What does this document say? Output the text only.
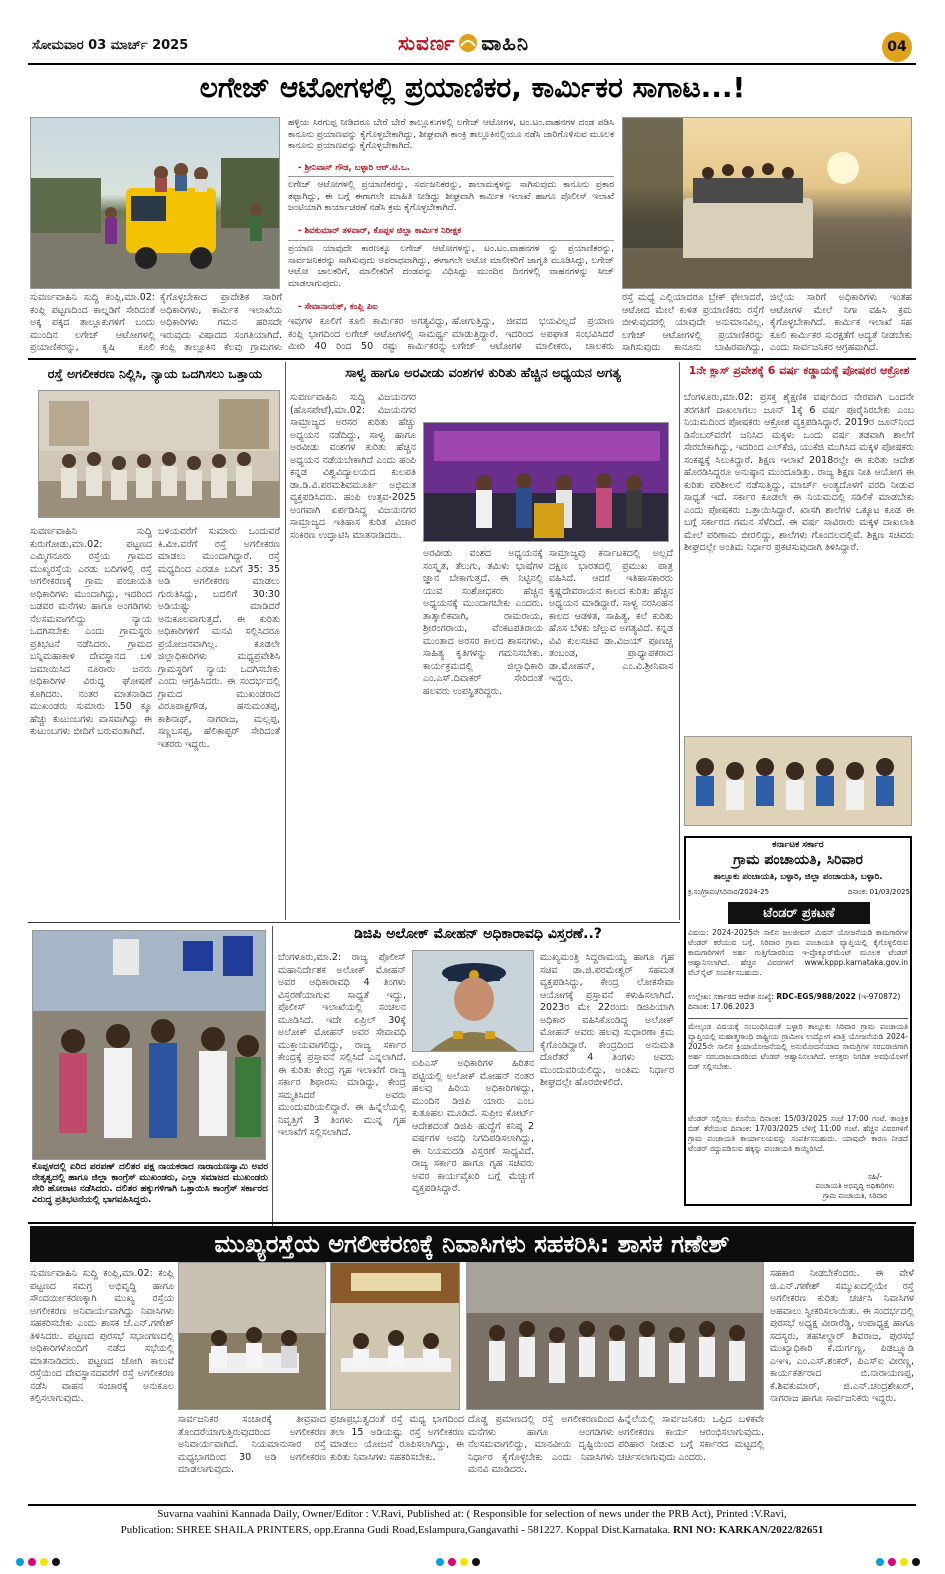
ಸೋಮವಾರ 03 ಮಾರ್ಚ್ 2025	ಸುವರ್ಣ ವಾಹಿನಿ	04
ಲಗೇಜ್ ಆಟೋಗಳಲ್ಲಿ ಪ್ರಯಾಣಿಕರ, ಕಾರ್ಮಿಕರ ಸಾಗಾಟ...!
ಹಳ್ಳಿಯ ಸಿರಗುಪ್ಪ ನೀಡಿದರೂ ಬೇರೆ ಬೇರೆ ತಾಲ್ಲೂಕುಗಳಲ್ಲಿ ಲಗೇಜ್ ಆಟೋಗಳ, ಟಂ.ಟಂ.ವಾಹನಗಳ ದಂಡ ಪಡಿಸಿ ಕಾನೂನು ಪ್ರಯಾಣವನ್ನು ಕೈಗೊಳ್ಳಬೇಕಾಗಿದ್ದು, ಶೀಘ್ರವಾಗಿ ಕಾಂಕ್ರಿ ತಾಲ್ಲೂಕಿನಲ್ಲಿಯೂ ನಡೆಸಿ ಜಾರಿಗೊಳಿಸುವ ಮೂಲಕ ಕಾನೂನು ಪ್ರಯಾಣವನ್ನು ಕೈಗೊಳ್ಳಬೇಕಾಗಿದೆ.
- ಶ್ರೀನಿವಾಸ್ ಗೌಡ, ಬಳ್ಳಾರಿ ಆರ್.ಟಿ.ಒ.
ಲಗೇಜ್ ಆಟೋಗಳಲ್ಲಿ ಪ್ರಯಾಣಿಕರನ್ನು, ಸರ್ವಜನಿಕರನ್ನು, ಶಾಲಾಮಕ್ಕಳನ್ನು ಸಾಗಿಸುವುದು ಕಾನೂನು ಪ್ರಕಾರ ತಪ್ಪಾಗಿದ್ದು, ಈ ಬಗ್ಗೆ ಈಗಾಗಲೇ ಮಾಹಿತಿ ನೀಡಿದ್ದು ಶೀಘ್ರವಾಗಿ ಕಾರ್ಮಿಕ ಇಲಾಖೆ ಹಾಗೂ ಪೊಲೀಸ್ ಇಲಾಖೆ ಜಂಟಿಯಾಗಿ ಕಾರ್ಯಾಚರಣೆ ನಡೆಸಿ ಕ್ರಮ ಕೈಗೊಳ್ಳಬೇಕಾಗಿದೆ.
- ಶಿವಕುಮಾರ್ ತಳವಾರ್, ಕೊಪ್ಪಳ ಜಿಲ್ಲಾ ಕಾರ್ಮಿಕ ನಿರೀಕ್ಷಕ
ಪ್ರಯಾಣ ಯಾವುದೇ ಕಾರಣಕ್ಕೂ ಲಗೇಜ್ ಆಟೋಗಳನ್ನು, ಟಂ.ಟಂ.ವಾಹನಗಳ ನ್ನು ಪ್ರಯಾಣಿಕರನ್ನು, ಸಾರ್ವಜನಿಕರನ್ನು ಸಾಗಿಸುವುದು ಅಪರಾಧವಾಗಿದ್ದು, ಈಗಾಗಲೇ ಅಟೋ ಮಾಲೀಕರಿಗೆ ಜಾಗೃತಿ ಮೂಡಿಸಿದ್ದು, ಲಗೇಜ್ ಆಟೋ ಚಾಲಕರಿಗೆ, ಮಾಲೀಕರಿಗೆ ದಂಡವನ್ನು ವಿಧಿಸಿದ್ದು ಮುಂದಿನ ದಿನಗಳಲ್ಲಿ ವಾಹನಗಳನ್ನು ಸೀಜ್ ಮಾಡಲಾಗುವುದು.
- ಸೇವಾನಾಯಕ್, ಕಂಪ್ಲಿ ಪಿಐ
ಸುವರ್ಣವಾಹಿನಿ ಸುದ್ದಿ ಕಂಪ್ಲಿ,ಮಾ.02: ಕಂಪ್ಲಿ ಪಟ್ಟಣದಿಂದ ಕಾಲ್ನಡಿಗೆ ಸೇರಿದಂತೆ ಅಕ್ಕ ಪಕ್ಕದ ತಾಲ್ಲೂಕುಗಳಿಗೆ ಬಂದು ಮುಂದಿನ ಲಗೇಜ್ ಆಟೋಗಳಲ್ಲಿ ಪ್ರಯಾಣಿಕರನ್ನು, ಕೃಷಿ ಕೂಲಿ
ಕೈಗೊಳ್ಳಬೇಕಾದ ಪ್ರಾದೇಶಿಕ ಸಾರಿಗೆ ಅಧಿಕಾರಿಗಳು, ಕಾರ್ಮಿಕ ಇಲಾಖೆಯ ಅಧಿಕಾರಿಗಳು ಗಮನ ಹರಿಸದೇ ಇರುವುದು ವಿಷಾದದ ಸಂಗತಿಯಾಗಿದೆ. ಕಂಪ್ಲಿ ತಾಲ್ಲೂಕಿನ ಕೆಲವು ಗ್ರಾಮಗಳು
ಇವುಗಳ ಕೂಲಿಗೆ ಕೂಲಿ ಕಾರ್ಮಿಕರ ಅಗತ್ಯವಿದ್ದು, ಕಂಪ್ಲಿ ಭಾಗದಿಂದ ಲಗೇಜ್ ಆಟೋಗಳಲ್ಲಿ ಸಾಮರ್ಥ್ಯ ಮೀರಿ 40 ರಿಂದ 50 ರಷ್ಟು ಕಾರ್ಮಿಕರನ್ನು
ಹೋಗುತ್ತಿದ್ದು, ಜೀವದ ಭಯವಿಲ್ಲದೆ ಪ್ರಯಾಣ ಮಾಡುತ್ತಿದ್ದಾರೆ. ಇದರಿಂದ ಅಪಘಾತ ಸಂಭವಿಸಿದರೆ ಲಗೇಜ್ ಆಟೋಗಳ ಮಾಲೀಕರು, ಚಾಲಕರು
ರಸ್ತೆ ಮಧ್ಯೆ ಎಲ್ಲಿಯಾದರೂ ಬ್ರೇಕ್ ಫೇಲಾದರೆ, ಆಟೋದ ಮೇಲೆ ಕುಳಿತ ಪ್ರಯಾಣಿಕರು ರಸ್ತೆಗೆ ಬೀಳುವುದರಲ್ಲಿ ಯಾವುದೇ ಅನುಮಾನವಿಲ್ಲ. ಲಗೇಜ್ ಆಟೋಗಳಲ್ಲಿ ಪ್ರಯಾಣಿಕರನ್ನು ಸಾಗಿಸುವುದು ಕಾನೂನು ಬಾಹಿರವಾಗಿದ್ದು,
ಜಿಲ್ಲೆಯ ಸಾರಿಗೆ ಅಧಿಕಾರಿಗಳು ಇಂತಹ ಆಟೋಗಳ ಮೇಲೆ ನಿಗಾ ವಹಿಸಿ ಕ್ರಮ ಕೈಗೊಳ್ಳಬೇಕಾಗಿದೆ. ಕಾರ್ಮಿಕ ಇಲಾಖೆ ಸಹ ಕೂಲಿ ಕಾರ್ಮಿಕರ ಸುರಕ್ಷತೆಗೆ ಆದ್ಯತೆ ನೀಡಬೇಕು ಎಂದು ಸಾರ್ವಜನಿಕರ ಆಗ್ರಹವಾಗಿದೆ.
ರಸ್ತೆ ಅಗಲೀಕರಣ ನಿಲ್ಲಿಸಿ, ನ್ಯಾಯ ಒದಗಿಸಲು ಒತ್ತಾಯ
ಸುವರ್ಣವಾಹಿನಿ ಸುದ್ದಿ ಕುರುಗೋಡು,ಮಾ.02: ಪಟ್ಟಣದ ಎಮ್ಮಿಗನೂರು ರಸ್ತೆಯ ಗ್ರಾಮದ ಮುಖ್ಯರಸ್ತೆಯ ಎರಡು ಬದಿಗಳಲ್ಲಿ ರಸ್ತೆ ಅಗಲೀಕರಣಕ್ಕೆ ಗ್ರಾಮ ಪಂಚಾಯತಿ ಅಧಿಕಾರಿಗಳು ಮುಂದಾಗಿದ್ದು, ಇದರಿಂದ ಬಡವರ ಮನೆಗಳು ಹಾಗೂ ಅಂಗಡಿಗಳು ನೆಲಸಮವಾಗಲಿದ್ದು ನ್ಯಾಯ ಒದಗಿಸಬೇಕು ಎಂದು ಗ್ರಾಮಸ್ಥರು ಪ್ರತಿಭಟನೆ ನಡೆಸಿದರು. ಗ್ರಾಮದ ಬನ್ನಿಮಹಾಕಾಳಿ ದೇವಸ್ಥಾನದ ಬಳಿ ಜಮಾಯಿಸಿದ ನೂರಾರು ಜನರು ಅಧಿಕಾರಿಗಳ ವಿರುದ್ಧ ಘೋಷಣೆ ಕೂಗಿದರು. ನಂತರ ಮಾತನಾಡಿದ ಮುಖಂಡರು ಸುಮಾರು 150 ಕ್ಕೂ ಹೆಚ್ಚು ಕುಟುಂಬಗಳು ವಾಸವಾಗಿದ್ದು ಈ ಕುಟುಂಬಗಳು ಬೀದಿಗೆ ಬರುವಂತಾಗಿದೆ.
ಬಳಿಯವರೆಗೆ ಸುಮಾರು ಒಂದುವರೆ ಕಿ.ಮೀ.ವರೆಗೆ ರಸ್ತೆ ಅಗಲೀಕರಣ ಮಾಡಲು ಮುಂದಾಗಿದ್ದಾರೆ. ರಸ್ತೆ ಮಧ್ಯದಿಂದ ಎರಡೂ ಬದಿಗೆ 35: 35 ಅಡಿ ಅಗಲೀಕರಣ ಮಾಡಲು ಗುರುತಿಸಿದ್ದು, ಬದಲಿಗೆ 30:30 ಅಡಿಯಷ್ಟು ಮಾಡಿದರೆ ಅನುಕೂಲವಾಗುತ್ತದೆ. ಈ ಕುರಿತು ಅಧಿಕಾರಿಗಳಿಗೆ ಮನವಿ ಸಲ್ಲಿಸಿದರೂ ಪ್ರಯೋಜನವಾಗಿಲ್ಲ. ಕೂಡಲೇ ಜಿಲ್ಲಾಧಿಕಾರಿಗಳು ಮಧ್ಯಪ್ರವೇಶಿಸಿ ಗ್ರಾಮಸ್ಥರಿಗೆ ನ್ಯಾಯ ಒದಗಿಸಬೇಕು ಎಂದು ಆಗ್ರಹಿಸಿದರು. ಈ ಸಂದರ್ಭದಲ್ಲಿ ಗ್ರಾಮದ ಮುಖಂಡರಾದ ವಿರೂಪಾಕ್ಷಗೌಡ, ಹನುಮಂತಪ್ಪ, ಕಾಶಿನಾಥ್, ನಾಗರಾಜ, ಮಲ್ಲಪ್ಪ, ಸಣ್ಣಬಸಪ್ಪ, ಹೆಲಿಕಾಪ್ಟರ್ ಸೇರಿದಂತೆ ಇತರರು ಇದ್ದರು.
ಸಾಳ್ವ ಹಾಗೂ ಅರವೀಡು ವಂಶಗಳ ಕುರಿತು ಹೆಚ್ಚಿನ ಅಧ್ಯಯನ ಅಗತ್ಯ
ಸುವರ್ಣವಾಹಿನಿ ಸುದ್ದಿ ವಿಜಯನಗರ (ಹೊಸಪೇಟೆ),ಮಾ.02: ವಿಜಯನಗರ ಸಾಮ್ರಾಜ್ಯದ ಅರಸರ ಕುರಿತು ಹೆಚ್ಚು ಅಧ್ಯಯನ ನಡೆದಿದ್ದು, ಸಾಳ್ವ ಹಾಗೂ ಅರವೀಡು ವಂಶಗಳ ಕುರಿತು ಹೆಚ್ಚಿನ ಅಧ್ಯಯನ ನಡೆಯಬೇಕಾಗಿದೆ ಎಂದು ಹಂಪಿ ಕನ್ನಡ ವಿಶ್ವವಿದ್ಯಾಲಯದ ಕುಲಪತಿ ಡಾ.ಡಿ.ವಿ.ಪರಮಶಿವಮೂರ್ತಿ ಅಭಿಮತ ವ್ಯಕ್ತಪಡಿಸಿದರು. ಹಂಪಿ ಉತ್ಸವ-2025 ಅಂಗವಾಗಿ ಏರ್ಪಡಿಸಿದ್ದ ವಿಜಯನಗರ ಸಾಮ್ರಾಜ್ಯದ ಇತಿಹಾಸ ಕುರಿತ ವಿಚಾರ ಸಂಕಿರಣ ಉದ್ಘಾಟಿಸಿ ಮಾತನಾಡಿದರು.
ಅರವೀಡು ವಂಶದ ಅಧ್ಯಯನಕ್ಕೆ ಸಂಸ್ಕೃತ, ತೆಲುಗು, ತಮಿಳು ಭಾಷೆಗಳ ಜ್ಞಾನ ಬೇಕಾಗುತ್ತದೆ. ಈ ನಿಟ್ಟಿನಲ್ಲಿ ಯುವ ಸಂಶೋಧಕರು ಹೆಚ್ಚಿನ ಅಧ್ಯಯನಕ್ಕೆ ಮುಂದಾಗಬೇಕು ಎಂದರು. ತಾತ್ಕಾಲಿಕವಾಗಿ, ರಾಮರಾಯ, ಶ್ರೀರಂಗರಾಯ, ವೆಂಕಟಪತಿರಾಯ ಮುಂತಾದ ಅರಸರ ಕಾಲದ ಶಾಸನಗಳು, ಸಾಹಿತ್ಯ ಕೃತಿಗಳನ್ನು ಗಮನಿಸಬೇಕು. ಕಾರ್ಯಕ್ರಮದಲ್ಲಿ ಜಿಲ್ಲಾಧಿಕಾರಿ ಎಂ.ಎಸ್.ದಿವಾಕರ್ ಸೇರಿದಂತೆ ಹಲವರು ಉಪಸ್ಥಿತರಿದ್ದರು.
ಸಾಮ್ರಾಜ್ಯವು ಕರ್ನಾಟಕದಲ್ಲಿ ಅಲ್ಲದೆ ದಕ್ಷಿಣ ಭಾರತದಲ್ಲಿ ಪ್ರಮುಖ ಪಾತ್ರ ವಹಿಸಿದೆ. ಆದರೆ ಇತಿಹಾಸಕಾರರು ಕೃಷ್ಣದೇವರಾಯನ ಕಾಲದ ಕುರಿತು ಹೆಚ್ಚಿನ ಅಧ್ಯಯನ ಮಾಡಿದ್ದಾರೆ. ಸಾಳ್ವ ನರಸಿಂಹನ ಕಾಲದ ಆಡಳಿತ, ಸಾಹಿತ್ಯ, ಕಲೆ ಕುರಿತು ಹೊಸ ಬೆಳಕು ಚೆಲ್ಲುವ ಅಗತ್ಯವಿದೆ. ಕನ್ನಡ ವಿವಿ ಕುಲಸಚಿವ ಡಾ.ವಿಜಯ್ ಪೂಣಚ್ಚ ತಂಬಂಡ, ಪ್ರಾಧ್ಯಾಪಕರಾದ ಡಾ.ಮೋಹನ್, ಎಂ.ವಿ.ಶ್ರೀನಿವಾಸ ಇದ್ದರು.
1ನೇ ಕ್ಲಾಸ್ ಪ್ರವೇಶಕ್ಕೆ 6 ವರ್ಷ ಕಡ್ಡಾಯಕ್ಕೆ ಪೋಷಕರ ಆಕ್ರೋಶ
ಬೆಂಗಳೂರು,ಮಾ.02: ಪ್ರಸಕ್ತ ಶೈಕ್ಷಣಿಕ ವರ್ಷದಿಂದ ನೇರವಾಗಿ ಒಂದನೇ ತರಗತಿಗೆ ದಾಖಲಾಗಲು ಜೂನ್ 1ಕ್ಕೆ 6 ವರ್ಷ ಪೂರೈಸಿರಬೇಕು ಎಂಬ ನಿಯಮದಿಂದ ಪೋಷಕರು ಆಕ್ರೋಶ ವ್ಯಕ್ತಪಡಿಸಿದ್ದಾರೆ. 2019ರ ಜೂನ್‌ನಿಂದ ಡಿಸೆಂಬರ್‌ವರೆಗೆ ಜನಿಸಿದ ಮಕ್ಕಳು ಒಂದು ವರ್ಷ ತಡವಾಗಿ ಶಾಲೆಗೆ ಸೇರಬೇಕಾಗಿದ್ದು, ಇದರಿಂದ ಎಲ್‌ಕೆಜಿ, ಯುಕೆಜಿ ಮುಗಿಸಿದ ಮಕ್ಕಳ ಪೋಷಕರು ಸಂಕಷ್ಟಕ್ಕೆ ಸಿಲುಕಿದ್ದಾರೆ. ಶಿಕ್ಷಣ ಇಲಾಖೆ 2018ರಲ್ಲೇ ಈ ಕುರಿತು ಆದೇಶ ಹೊರಡಿಸಿದ್ದರೂ ಅನುಷ್ಠಾನ ಮುಂದೂಡಿತ್ತು. ರಾಜ್ಯ ಶಿಕ್ಷಣ ನೀತಿ ಆಯೋಗ ಈ ಕುರಿತು ಪರಿಶೀಲನೆ ನಡೆಸುತ್ತಿದ್ದು, ಮಾರ್ಚ್ ಅಂತ್ಯದೊಳಗೆ ವರದಿ ನೀಡುವ ಸಾಧ್ಯತೆ ಇದೆ. ಸರ್ಕಾರ ಕೂಡಲೇ ಈ ನಿಯಮದಲ್ಲಿ ಸಡಿಲಿಕೆ ಮಾಡಬೇಕು ಎಂದು ಪೋಷಕರು ಒತ್ತಾಯಿಸಿದ್ದಾರೆ. ಖಾಸಗಿ ಶಾಲೆಗಳ ಒಕ್ಕೂಟ ಕೂಡ ಈ ಬಗ್ಗೆ ಸರ್ಕಾರದ ಗಮನ ಸೆಳೆದಿದೆ. ಈ ವರ್ಷ ಸಾವಿರಾರು ಮಕ್ಕಳ ದಾಖಲಾತಿ ಮೇಲೆ ಪರಿಣಾಮ ಬೀರಲಿದ್ದು, ಶಾಲೆಗಳು ಗೊಂದಲದಲ್ಲಿವೆ. ಶಿಕ್ಷಣ ಸಚಿವರು ಶೀಘ್ರದಲ್ಲೇ ಅಂತಿಮ ನಿರ್ಧಾರ ಪ್ರಕಟಿಸುವುದಾಗಿ ತಿಳಿಸಿದ್ದಾರೆ.
ಕರ್ನಾಟಕ ಸರ್ಕಾರ
ಗ್ರಾಮ ಪಂಚಾಯತಿ, ಸಿರಿವಾರ
ತಾಲ್ಲೂಕು ಪಂಚಾಯತಿ, ಬಳ್ಳಾರಿ, ಜಿಲ್ಲಾ ಪಂಚಾಯತಿ, ಬಳ್ಳಾರಿ.
ಕ್ರ.ಸಂ/ಗ್ರಾಪಂ/ಸಿರಿವಾರ/2024-25	ದಿನಾಂಕ: 01/03/2025
ಟೆಂಡರ್ ಪ್ರಕಟಣೆ
ವಿಷಯ: 2024-2025ನೇ ಸಾಲಿನ ಜಲಜೀವನ್ ಮಿಷನ್ ಯೋಜನೆಯಡಿ ಕಾಮಗಾರಿಗಳ ಟೆಂಡರ್ ಕರೆಯುವ ಬಗ್ಗೆ. ಸಿರಿವಾರ ಗ್ರಾಮ ಪಂಚಾಯತಿ ವ್ಯಾಪ್ತಿಯಲ್ಲಿ ಕೈಗೊಳ್ಳಲಿರುವ ಕಾಮಗಾರಿಗಳಿಗೆ ಅರ್ಹ ಗುತ್ತಿಗೆದಾರರಿಂದ ಇ-ಪ್ರೊಕ್ಯೂರ್‌ಮೆಂಟ್ ಮೂಲಕ ಟೆಂಡರ್ ಆಹ್ವಾನಿಸಲಾಗಿದೆ. ಹೆಚ್ಚಿನ ವಿವರಗಳಿಗೆ www.kppp.karnataka.gov.in ವೆಬ್‌ಸೈಟ್ ಸಂಪರ್ಕಿಸಬಹುದು.
ಉಲ್ಲೇಖ: ಸರ್ಕಾರದ ಆದೇಶ ಸಂಖ್ಯೆ: RDC-EGS/988/2022 (ಇ-970872) ದಿನಾಂಕ: 17.06.2023
ಮೇಲ್ಕಂಡ ವಿಷಯಕ್ಕೆ ಸಂಬಂಧಿಸಿದಂತೆ ಬಳ್ಳಾರಿ ತಾಲ್ಲೂಕು ಸಿರಿವಾರ ಗ್ರಾಮ ಪಂಚಾಯತಿ ವ್ಯಾಪ್ತಿಯಲ್ಲಿ ಮಹಾತ್ಮಗಾಂಧಿ ರಾಷ್ಟ್ರೀಯ ಗ್ರಾಮೀಣ ಉದ್ಯೋಗ ಖಾತ್ರಿ ಯೋಜನೆಯಡಿ 2024-2025ನೇ ಸಾಲಿನ ಕ್ರಿಯಾಯೋಜನೆಯಲ್ಲಿ ಅನುಮೋದನೆಯಾದ ಸಾಮಗ್ರಿಗಳ ಸರಬರಾಜಿಗಾಗಿ ಅರ್ಹ ಸರಬರಾಜುದಾರರಿಂದ ಟೆಂಡರ್ ಆಹ್ವಾನಿಸಲಾಗಿದೆ. ಆಸಕ್ತರು ನಿಗದಿತ ಅವಧಿಯೊಳಗೆ ಬಿಡ್ ಸಲ್ಲಿಸಬೇಕು.
ಟೆಂಡರ್ ಸಲ್ಲಿಸಲು ಕೊನೆಯ ದಿನಾಂಕ: 15/03/2025 ಸಂಜೆ 17:00 ಗಂಟೆ. ತಾಂತ್ರಿಕ ಬಿಡ್ ತೆರೆಯುವ ದಿನಾಂಕ: 17/03/2025 ಬೆಳಿಗ್ಗೆ 11:00 ಗಂಟೆ. ಹೆಚ್ಚಿನ ವಿವರಗಳಿಗೆ ಗ್ರಾಮ ಪಂಚಾಯತಿ ಕಾರ್ಯಾಲಯವನ್ನು ಸಂಪರ್ಕಿಸಬಹುದು. ಯಾವುದೇ ಕಾರಣ ನೀಡದೆ ಟೆಂಡರ್ ರದ್ದುಪಡಿಸುವ ಹಕ್ಕನ್ನು ಪಂಚಾಯತಿ ಕಾಯ್ದಿರಿಸಿದೆ.
ಸಹಿ/-
ಪಂಚಾಯತಿ ಅಭಿವೃದ್ಧಿ ಅಧಿಕಾರಿಗಳು
ಗ್ರಾಮ ಪಂಚಾಯತಿ, ಸಿರಿವಾರ
ಕೊಪ್ಪಳದಲ್ಲಿ ಏರಿದ ಪರಪಣ್ ದಲಿತರ ಪಕ್ಷ ನಾಯಕರಾದ ನಾರಾಯಣಸ್ವಾಮಿ ಅವರ ನೇತೃತ್ವದಲ್ಲಿ ಹಾಗೂ ಜಿಲ್ಲಾ ಕಾಂಗ್ರೆಸ್ ಮುಖಂಡರು, ಎಲ್ಲಾ ಸಮಾಜದ ಮುಖಂಡರು ಸೇರಿ ಹೋರಾಟ ನಡೆಸಿದರು. ದಲಿತರ ಹಕ್ಕುಗಳಿಗಾಗಿ ಒತ್ತಾಯಿಸಿ ಕಾಂಗ್ರೆಸ್ ಸರ್ಕಾರದ ವಿರುದ್ಧ ಪ್ರತಿಭಟನೆಯಲ್ಲಿ ಭಾಗವಹಿಸಿದ್ದರು.
ಡಿಜಿಪಿ ಅಲೋಕ್ ಮೋಹನ್ ಅಧಿಕಾರಾವಧಿ ವಿಸ್ತರಣೆ..?
ಬೆಂಗಳೂರು,ಮಾ.2: ರಾಜ್ಯ ಪೊಲೀಸ್ ಮಹಾನಿರ್ದೇಶಕ ಅಲೋಕ್ ಮೋಹನ್ ಅವರ ಅಧಿಕಾರಾವಧಿ 4 ತಿಂಗಳು ವಿಸ್ತರಣೆಯಾಗುವ ಸಾಧ್ಯತೆ ಇದ್ದು, ಪೊಲೀಸ್ ಇಲಾಖೆಯಲ್ಲಿ ಸಂಚಲನ ಮೂಡಿಸಿದೆ. ಇದೇ ಏಪ್ರಿಲ್ 30ಕ್ಕೆ ಅಲೋಕ್ ಮೋಹನ್ ಅವರ ಸೇವಾವಧಿ ಮುಕ್ತಾಯವಾಗಲಿದ್ದು, ರಾಜ್ಯ ಸರ್ಕಾರ ಕೇಂದ್ರಕ್ಕೆ ಪ್ರಸ್ತಾವನೆ ಸಲ್ಲಿಸಿದೆ ಎನ್ನಲಾಗಿದೆ. ಈ ಕುರಿತು ಕೇಂದ್ರ ಗೃಹ ಇಲಾಖೆಗೆ ರಾಜ್ಯ ಸರ್ಕಾರ ಶಿಫಾರಸು ಮಾಡಿದ್ದು, ಕೇಂದ್ರ ಸಮ್ಮತಿಸಿದರೆ ಅವರು ಮುಂದುವರಿಯಲಿದ್ದಾರೆ. ಈ ಹಿನ್ನೆಲೆಯಲ್ಲಿ ನಿವೃತ್ತಿಗೆ 3 ತಿಂಗಳು ಮುನ್ನ ಗೃಹ ಇಲಾಖೆಗೆ ಸಲ್ಲಿಸಲಾಗಿದೆ.
ಐಪಿಎಸ್ ಅಧಿಕಾರಿಗಳ ಹಿರಿತನ ಪಟ್ಟಿಯಲ್ಲಿ ಅಲೋಕ್ ಮೋಹನ್ ನಂತರ ಹಲವು ಹಿರಿಯ ಅಧಿಕಾರಿಗಳಿದ್ದು, ಮುಂದಿನ ಡಿಜಿಪಿ ಯಾರು ಎಂಬ ಕುತೂಹಲ ಮೂಡಿದೆ. ಸುಪ್ರೀಂ ಕೋರ್ಟ್ ಆದೇಶದಂತೆ ಡಿಜಿಪಿ ಹುದ್ದೆಗೆ ಕನಿಷ್ಠ 2 ವರ್ಷಗಳ ಅವಧಿ ನಿಗದಿಪಡಿಸಲಾಗಿದ್ದು, ಈ ನಿಯಮದಡಿ ವಿಸ್ತರಣೆ ಸಾಧ್ಯವಿದೆ. ರಾಜ್ಯ ಸರ್ಕಾರ ಹಾಗೂ ಗೃಹ ಸಚಿವರು ಅವರ ಕಾರ್ಯವೈಖರಿ ಬಗ್ಗೆ ಮೆಚ್ಚುಗೆ ವ್ಯಕ್ತಪಡಿಸಿದ್ದಾರೆ.
ಮುಖ್ಯಮಂತ್ರಿ ಸಿದ್ದರಾಮಯ್ಯ ಹಾಗೂ ಗೃಹ ಸಚಿವ ಡಾ.ಜಿ.ಪರಮೇಶ್ವರ್ ಸಹಮತ ವ್ಯಕ್ತಪಡಿಸಿದ್ದು, ಕೇಂದ್ರ ಲೋಕಸೇವಾ ಆಯೋಗಕ್ಕೆ ಪ್ರಸ್ತಾವನೆ ಕಳುಹಿಸಲಾಗಿದೆ. 2023ರ ಮೇ 22ರಂದು ಡಿಜಿಪಿಯಾಗಿ ಅಧಿಕಾರ ವಹಿಸಿಕೊಂಡಿದ್ದ ಅಲೋಕ್ ಮೋಹನ್ ಅವರು ಹಲವು ಸುಧಾರಣಾ ಕ್ರಮ ಕೈಗೊಂಡಿದ್ದಾರೆ. ಕೇಂದ್ರದಿಂದ ಅನುಮತಿ ದೊರೆತರೆ 4 ತಿಂಗಳು ಅವರು ಮುಂದುವರಿಯಲಿದ್ದು, ಅಂತಿಮ ನಿರ್ಧಾರ ಶೀಘ್ರದಲ್ಲೇ ಹೊರಬೀಳಲಿದೆ.
ಮುಖ್ಯರಸ್ತೆಯ ಅಗಲೀಕರಣಕ್ಕೆ ನಿವಾಸಿಗಳು ಸಹಕರಿಸಿ: ಶಾಸಕ ಗಣೇಶ್
ಸುವರ್ಣವಾಹಿನಿ ಸುದ್ದಿ ಕಂಪ್ಲಿ,ಮಾ.02: ಕಂಪ್ಲಿ ಪಟ್ಟಣದ ಸಮಗ್ರ ಅಭಿವೃದ್ಧಿ ಹಾಗೂ ಸೌಂದರ್ಯೀಕರಣಕ್ಕಾಗಿ ಮುಖ್ಯ ರಸ್ತೆಯ ಅಗಲೀಕರಣ ಅನಿವಾರ್ಯವಾಗಿದ್ದು ನಿವಾಸಿಗಳು ಸಹಕರಿಸಬೇಕು ಎಂದು ಶಾಸಕ ಜೆ.ಎನ್.ಗಣೇಶ್ ತಿಳಿಸಿದರು. ಪಟ್ಟಣದ ಪುರಸಭೆ ಸಭಾಂಗಣದಲ್ಲಿ ಅಧಿಕಾರಿಗಳೊಂದಿಗೆ ನಡೆದ ಸಭೆಯಲ್ಲಿ ಮಾತನಾಡಿದರು. ಪಟ್ಟಣದ ಜೋಗಿ ಕಾಲುವೆ ರಸ್ತೆಯಿಂದ ದೇವಸ್ಥಾನದವರೆಗೆ ರಸ್ತೆ ಅಗಲೀಕರಣ ನಡೆಸಿ ವಾಹನ ಸಂಚಾರಕ್ಕೆ ಅನುಕೂಲ ಕಲ್ಪಿಸಲಾಗುವುದು.
ಸಾರ್ವಜನಿಕರ ಸಂಚಾರಕ್ಕೆ ತೀವ್ರವಾದ ತೊಂದರೆಯಾಗುತ್ತಿರುವುದರಿಂದ ಅಗಲೀಕರಣ ಅನಿವಾರ್ಯವಾಗಿದೆ. ನಿಯಮಾನುಸಾರ ರಸ್ತೆ ಮಧ್ಯಭಾಗದಿಂದ 30 ಅಡಿ ಅಗಲೀಕರಣ ಮಾಡಲಾಗುವುದು.
ಪ್ರಜಾಪ್ರಭುತ್ವದಂತೆ ರಸ್ತೆ ಮಧ್ಯ ಭಾಗದಿಂದ ತಲಾ 15 ಅಡಿಯಷ್ಟು ರಸ್ತೆ ಅಗಲೀಕರಣ ಮಾಡಲು ಯೋಜನೆ ರೂಪಿಸಲಾಗಿದ್ದು, ಈ ಕುರಿತು ನಿವಾಸಿಗಳು ಸಹಕರಿಸಬೇಕು.
ದೊಡ್ಡ ಪ್ರಮಾಣದಲ್ಲಿ ರಸ್ತೆ ಅಗಲೀಕರಣದಿಂದ ಮನೆಗಳು ಹಾಗೂ ಅಂಗಡಿಗಳು ನೆಲಸಮವಾಗಲಿದ್ದು, ಮಾನವೀಯ ದೃಷ್ಟಿಯಿಂದ ನಿರ್ಧಾರ ಕೈಗೊಳ್ಳಬೇಕು ಎಂದು ನಿವಾಸಿಗಳು ಮನವಿ ಮಾಡಿದರು.
ಹಿನ್ನೆಲೆಯಲ್ಲಿ ಸಾರ್ವಜನಿಕರು ಒಪ್ಪಿದ ಬಳಿಕವೇ ಅಗಲೀಕರಣ ಕಾರ್ಯ ಆರಂಭಿಸಲಾಗುವುದು. ಪರಿಹಾರ ನೀಡುವ ಬಗ್ಗೆ ಸರ್ಕಾರದ ಮಟ್ಟದಲ್ಲಿ ಚರ್ಚಿಸಲಾಗುವುದು ಎಂದರು.
ಸಹಕಾರ ನೀಡಬೇಕೆಂದರು. ಈ ವೇಳೆ ಜಿ.ಎನ್.ಗಣೇಶ್ ಸಮ್ಮುಖದಲ್ಲಿಯೇ ರಸ್ತೆ ಅಗಲೀಕರಣ ಕುರಿತು ಚರ್ಚಿಸಿ ನಿವಾಸಿಗಳ ಅಹವಾಲು ಸ್ವೀಕರಿಸಲಾಯಿತು. ಈ ಸಂದರ್ಭದಲ್ಲಿ ಪುರಸಭೆ ಅಧ್ಯಕ್ಷ ವೀರಾರೆಡ್ಡಿ, ಉಪಾಧ್ಯಕ್ಷ ಹಾಗೂ ಸದಸ್ಯರು, ತಹಸೀಲ್ದಾರ್ ಶಿವರಾಜ, ಪುರಸಭೆ ಮುಖ್ಯಾಧಿಕಾರಿ ಕೆ.ದುರ್ಗಣ್ಣ, ಪಿಡಬ್ಲ್ಯೂಡಿ ಎಇಇ, ಎಂ.ಎಸ್.ಶಂಕರ್, ಪಿಎಸ್ಐ ವೀರಣ್ಣ, ಕಾರ್ಯಕರ್ತರಾದ ಬಿ.ನಾರಾಯಣಪ್ಪ, ಕೆ.ಶಿವಕುಮಾರ್, ಜಿ.ಎನ್.ಚಂದ್ರಶೇಖರ್, ನಾಗರಾಜ ಹಾಗೂ ಸಾರ್ವಜನಿಕರು ಇದ್ದರು.
Suvarna vaahini Kannada Daily, Owner/Editor : V.Ravi, Published at: ( Responsible for selection of news under the PRB Act), Printed :V.Ravi,
Publication: SHREE SHAILA PRINTERS, opp.Eranna Gudi Road,Eslampura,Gangavathi - 581227. Koppal Dist.Karnataka. RNI NO: KARKAN/2022/82651
